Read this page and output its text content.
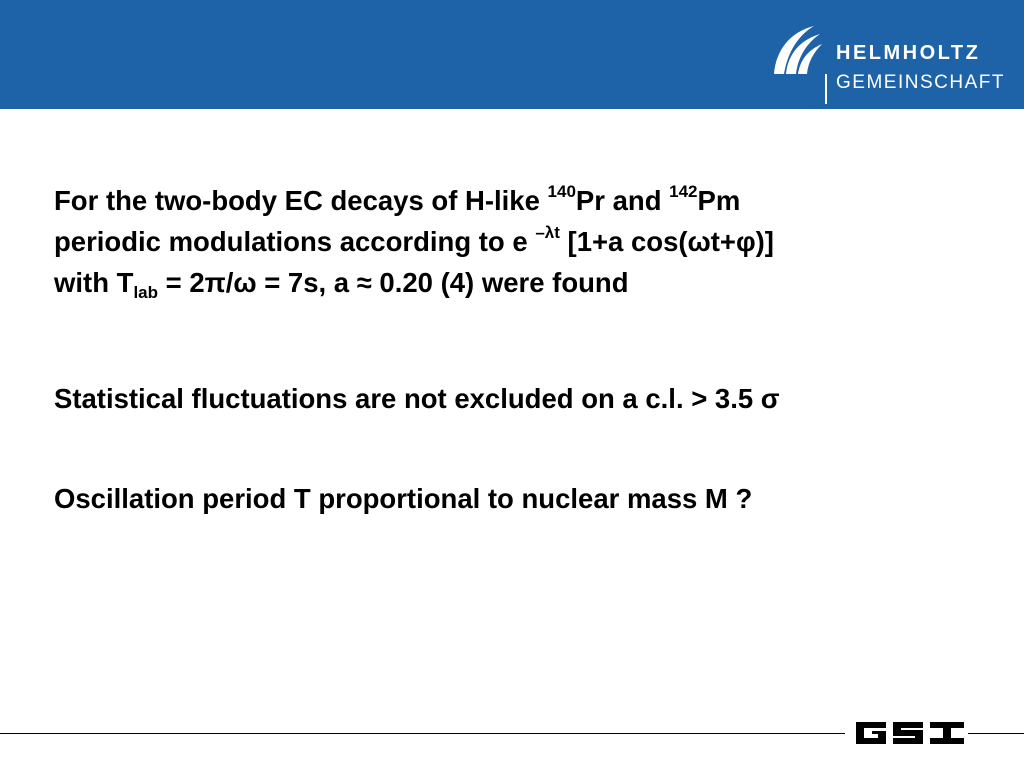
HELMHOLTZ
GEMEINSCHAFT
For the two-body EC decays of H-like $^{140}$Pr and $^{142}$Pm
periodic modulations according to e $^{-\lambda t}$ [1+a cos(ωt+φ)]
with $T_{lab} = 2\pi/\omega = 7s$, a ≈ 0.20 (4) were found

Statistical fluctuations are not excluded on a c.l. > 3.5 σ

Oscillation period T proportional to nuclear mass M ?
